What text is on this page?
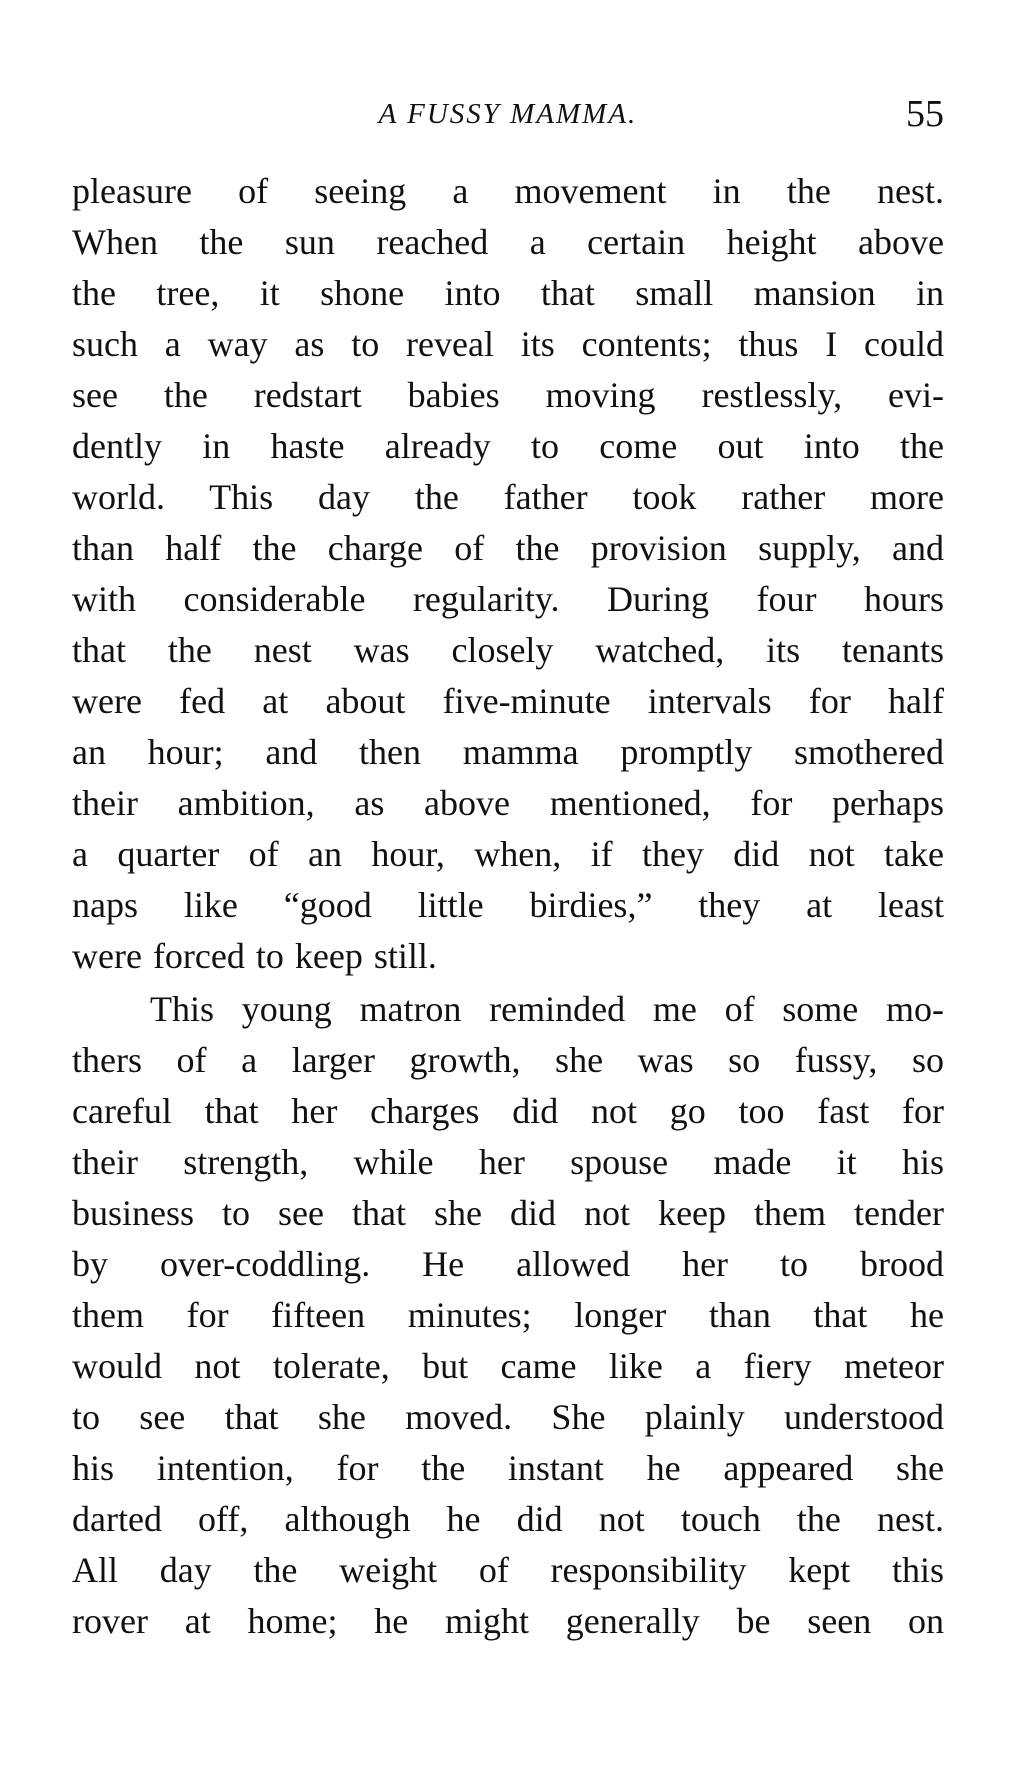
A FUSSY MAMMA.	55
pleasure of seeing a movement in the nest.
When the sun reached a certain height above
the tree, it shone into that small mansion in
such a way as to reveal its contents; thus I could
see the redstart babies moving restlessly, evi-
dently in haste already to come out into the
world. This day the father took rather more
than half the charge of the provision supply, and
with considerable regularity. During four hours
that the nest was closely watched, its tenants
were fed at about five-minute intervals for half
an hour; and then mamma promptly smothered
their ambition, as above mentioned, for perhaps
a quarter of an hour, when, if they did not take
naps like “good little birdies,” they at least
were forced to keep still.
This young matron reminded me of some mo-
thers of a larger growth, she was so fussy, so
careful that her charges did not go too fast for
their strength, while her spouse made it his
business to see that she did not keep them tender
by over-coddling. He allowed her to brood
them for fifteen minutes; longer than that he
would not tolerate, but came like a fiery meteor
to see that she moved. She plainly understood
his intention, for the instant he appeared she
darted off, although he did not touch the nest.
All day the weight of responsibility kept this
rover at home; he might generally be seen on
